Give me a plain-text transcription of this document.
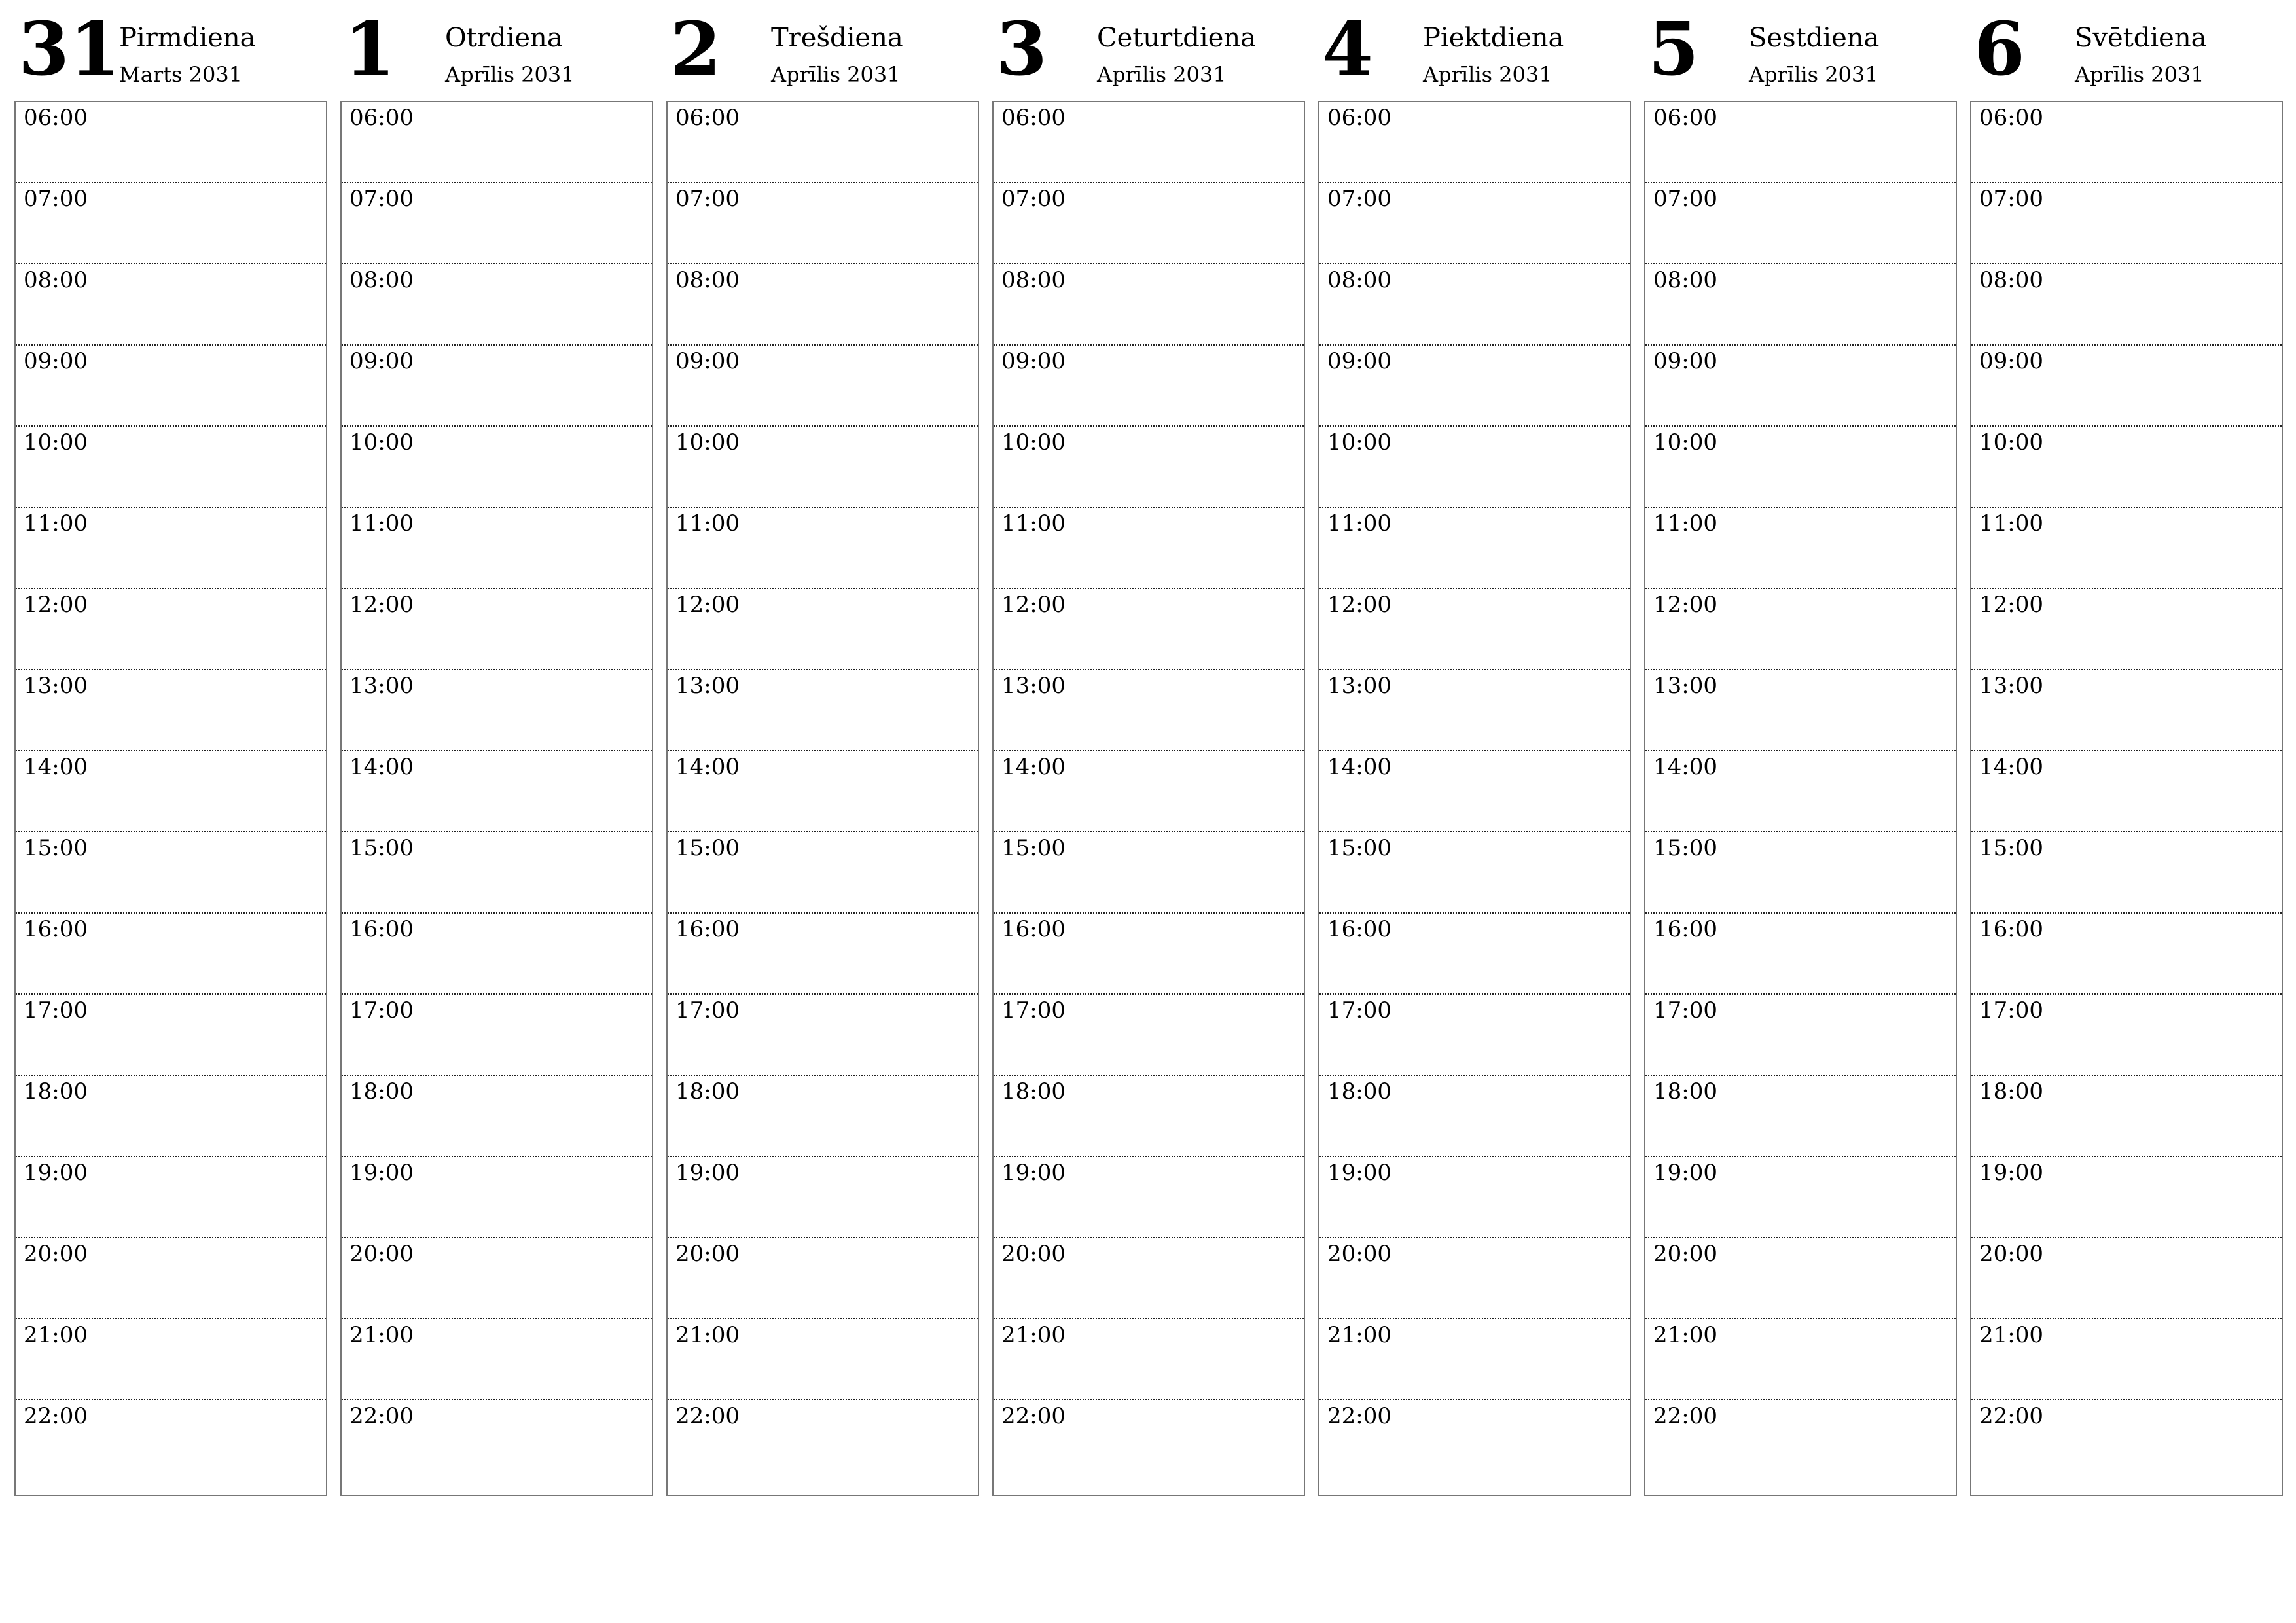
31
Pirmdiena
Marts 2031
06:00
07:00
08:00
09:00
10:00
11:00
12:00
13:00
14:00
15:00
16:00
17:00
18:00
19:00
20:00
21:00
22:00
1 Otrdiena
Aprīlis 2031
06:00
07:00
08:00
09:00
10:00
11:00
12:00
13:00
14:00
15:00
16:00
17:00
18:00
19:00
20:00
21:00
22:00
2 Trešdiena
Aprīlis 2031
06:00
07:00
08:00
09:00
10:00
11:00
12:00
13:00
14:00
15:00
16:00
17:00
18:00
19:00
20:00
21:00
22:00
3 Ceturtdiena
Aprīlis 2031
06:00
07:00
08:00
09:00
10:00
11:00
12:00
13:00
14:00
15:00
16:00
17:00
18:00
19:00
20:00
21:00
22:00
4 Piektdiena
Aprīlis 2031
06:00
07:00
08:00
09:00
10:00
11:00
12:00
13:00
14:00
15:00
16:00
17:00
18:00
19:00
20:00
21:00
22:00
5 Sestdiena
Aprīlis 2031
06:00
07:00
08:00
09:00
10:00
11:00
12:00
13:00
14:00
15:00
16:00
17:00
18:00
19:00
20:00
21:00
22:00
6 Svētdiena
Aprīlis 2031
06:00
07:00
08:00
09:00
10:00
11:00
12:00
13:00
14:00
15:00
16:00
17:00
18:00
19:00
20:00
21:00
22:00
